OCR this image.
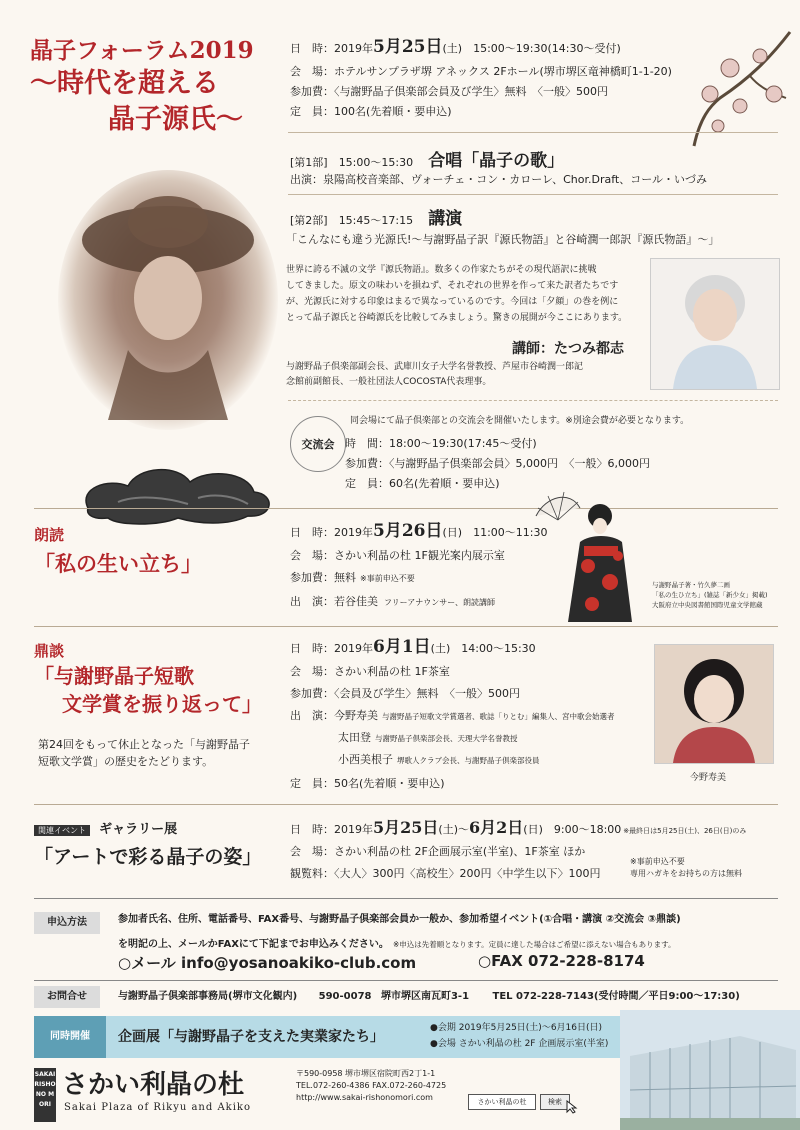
晶子フォーラム2019
〜時代を超える
晶子源氏〜
日　時：2019年5月25日(土)　15:00〜19:30(14:30〜受付)
会　場：ホテルサンプラザ堺 アネックス 2Fホール(堺市堺区竜神橋町1-1-20)
参加費：〈与謝野晶子倶楽部会員及び学生〉無料　〈一般〉500円
定　員：100名(先着順・要申込)
[第1部] 15:00〜15:30 合唱「晶子の歌」
出演：泉陽高校音楽部、ヴォーチェ・コン・カローレ、Chor.Draft、コール・いづみ
[第2部] 15:45〜17:15 講演
「こんなにも違う光源氏!〜与謝野晶子訳『源氏物語』と谷崎潤一郎訳『源氏物語』〜」
世界に誇る不滅の文学『源氏物語』。数多くの作家たちがその現代語訳に挑戦
してきました。原文の味わいを損ねず、それぞれの世界を作って来た訳者たちです
が、光源氏に対する印象はまるで異なっているのです。今回は「夕顔」の巻を例に
とって晶子源氏と谷崎源氏を比較してみましょう。驚きの展開が今ここにあります。
講師：たつみ都志
与謝野晶子倶楽部副会長、武庫川女子大学名誉教授、芦屋市谷崎潤一郎記
念館前副館長、一般社団法人COCOSTA代表理事。
交流会
同会場にて晶子倶楽部との交流会を開催いたします。※別途会費が必要となります。
時　間：18:00〜19:30(17:45〜受付)
参加費：〈与謝野晶子倶楽部会員〉5,000円　〈一般〉6,000円
定　員：60名(先着順・要申込)
朗読
「私の生い立ち」
日　時：2019年5月26日(日)　11:00〜11:30
会　場：さかい利晶の杜 1F観光案内展示室
参加費：無料 ※事前申込不要
出　演：若谷佳美 フリーアナウンサー、朗読講師
与謝野晶子著・竹久夢二画
「私の生ひ立ち」(雑誌「新少女」掲載)
大阪府立中央図書館国際児童文学館蔵
鼎談
「与謝野晶子短歌
文学賞を振り返って」
第24回をもって休止となった「与謝野晶子
短歌文学賞」の歴史をたどります。
日　時：2019年6月1日(土)　14:00〜15:30
会　場：さかい利晶の杜 1F茶室
参加費：〈会員及び学生〉無料　〈一般〉500円
出　演：今野寿美 与謝野晶子短歌文学賞選者、歌誌「りとむ」編集人、宮中歌会始選者
太田登 与謝野晶子倶楽部会長、天理大学名誉教授
小西美根子 堺歌人クラブ会長、与謝野晶子倶楽部役員
定　員：50名(先着順・要申込)	今野寿美
関連イベント ギャラリー展
「アートで彩る晶子の姿」
日　時：2019年5月25日(土)〜6月2日(日)　9:00〜18:00 ※最終日は5月25日(土)、26日(日)のみ
会　場：さかい利晶の杜 2F企画展示室(半室)、1F茶室 ほか
観覧料：〈大人〉300円〈高校生〉200円〈中学生以下〉100円
※事前申込不要
専用ハガキをお持ちの方は無料
申込方法	参加者氏名、住所、電話番号、FAX番号、与謝野晶子倶楽部会員か一般か、参加希望イベント(①合唱・講演 ②交流会 ③鼎談)
を明記の上、メールかFAXにて下記までお申込みください。 ※申込は先着順となります。定員に達した場合はご希望に添えない場合もあります。
○メール info@yosanoakiko-club.com	○FAX 072-228-8174
お問合せ	与謝野晶子倶楽部事務局(堺市文化観内) 590-0078 堺市堺区南瓦町3-1 TEL 072-228-7143(受付時間／平日9:00〜17:30)
同時開催	企画展「与謝野晶子を支えた実業家たち」
●会期 2019年5月25日(土)〜6月16日(日)
●会場 さかい利晶の杜 2F 企画展示室(半室)
SAKAI RISHO NO MORI
さかい利晶の杜
Sakai Plaza of Rikyu and Akiko
〒590-0958 堺市堺区宿院町西2丁1-1
TEL.072-260-4386 FAX.072-260-4725
http://www.sakai-rishonomori.com	さかい利晶の杜	検索
